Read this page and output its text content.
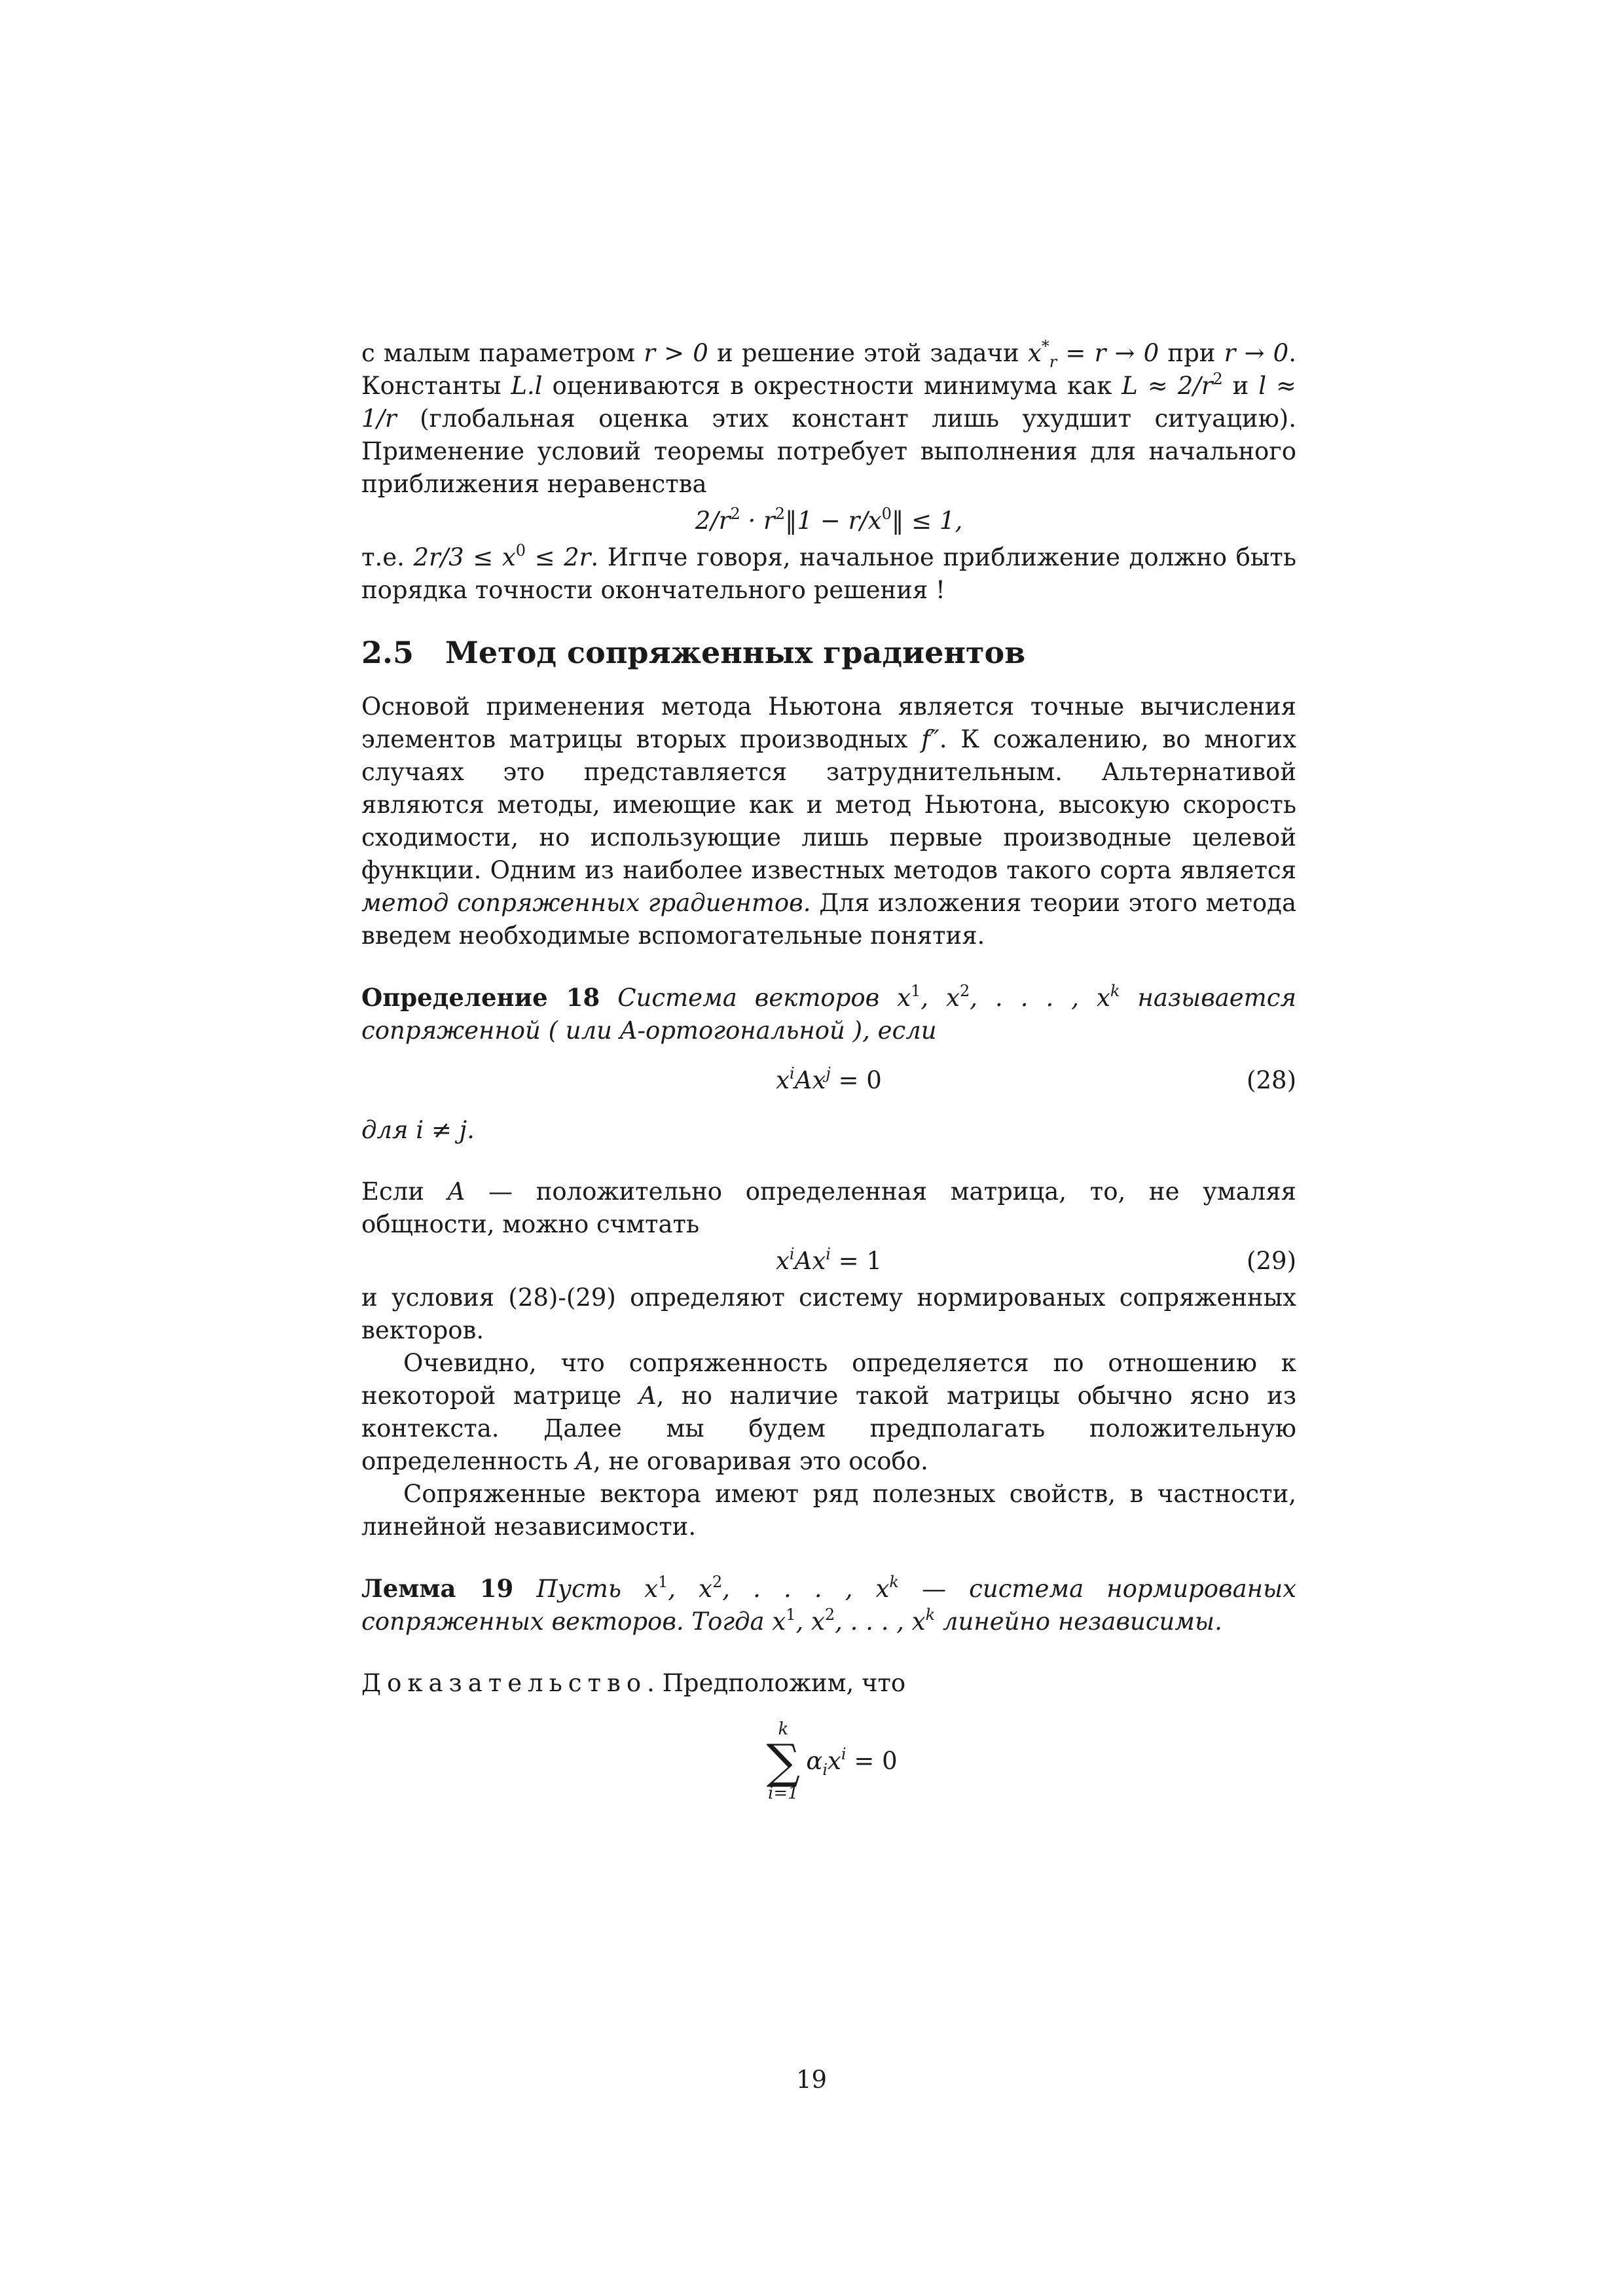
с малым параметром r > 0 и решение этой задачи $x^*_r = r \to 0$ при r → 0. Константы L.l оцениваются в окрестности минимума как $L \approx 2/r^2$ и l ≈ 1/r (глобальная оценка этих констант лишь ухудшит ситуацию). Применение условий теоремы потребует выполнения для начального приближения неравенства

$2/r^2$ · $r^2‖1$ − $r/x^0‖ \le 1$,

т.е. $2r/3 \le x^0 \le 2r$. Игпче говоря, начальное приближение должно быть порядка точности окончательного решения !

2.5 Метод сопряженных градиентов

Основой применения метода Ньютона является точные вычисления элементов матрицы вторых производных f″. К сожалению, во многих случаях это представляется затруднительным. Альтернативой являются методы, имеющие как и метод Ньютона, высокую скорость сходимости, но использующие лишь первые производные целевой функции. Одним из наиболее известных методов такого сорта является метод сопряженных градиентов. Для изложения теории этого метода введем необходимые вспомогательные понятия.

Определение 18 Система векторов $x^1$, $x^2$, . . . , $x^k$ называется сопряженной ( или A-ортогональной ), если

$x^iAx^j = 0$	(28)

для i ≠ j.

Если A — положительно определенная матрица, то, не умаляя общности, можно счмтать

$x^iAx^i = 1$	(29)

и условия (28)-(29) определяют систему нормированых сопряженных векторов.

Очевидно, что сопряженность определяется по отношению к некоторой матрице A, но наличие такой матрицы обычно ясно из контекста. Далее мы будем предполагать положительную определенность A, не оговаривая это особо.

Сопряженные вектора имеют ряд полезных свойств, в частности, линейной независимости.

Лемма 19 Пусть $x^1$, $x^2$, . . . , $x^k$ — система нормированых сопряженных векторов. Тогда $x^1$, $x^2$, . . . , $x^k$ линейно независимы.

Доказательство. Предположим, что

k
∑
i=1
$\alpha_ix^i = 0$
19
